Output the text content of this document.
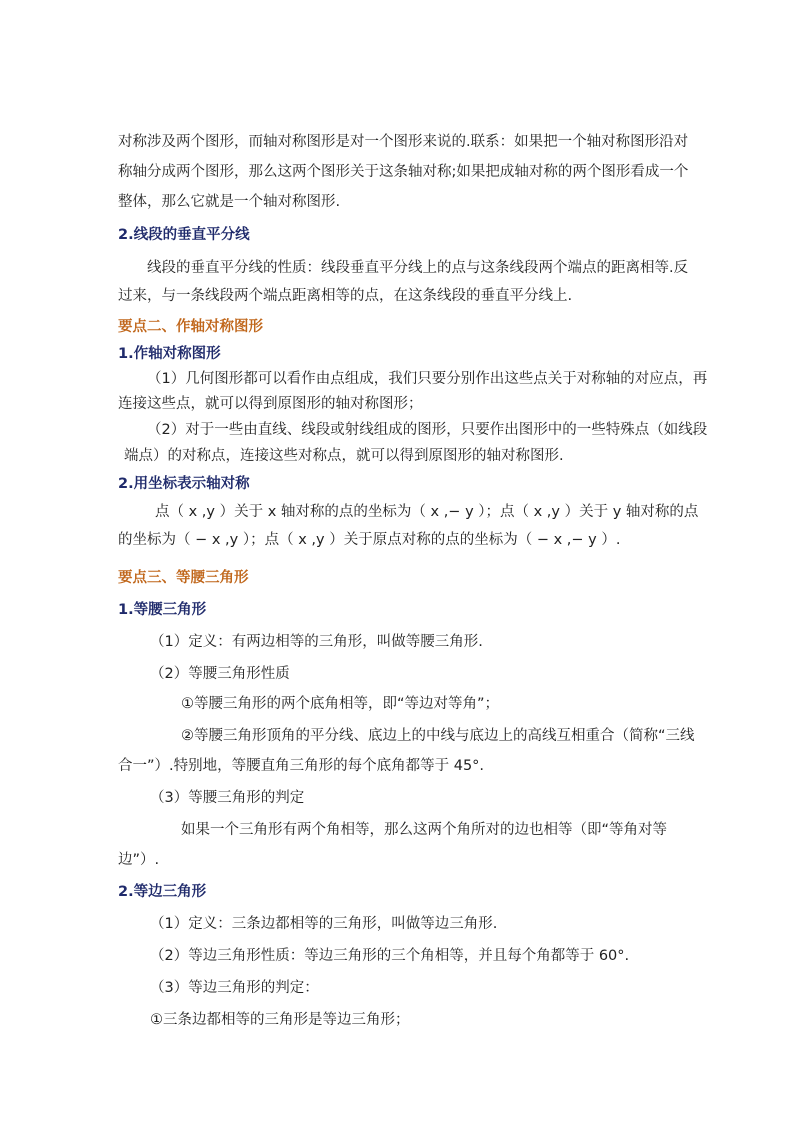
对称涉及两个图形，而轴对称图形是对一个图形来说的.联系：如果把一个轴对称图形沿对
称轴分成两个图形，那么这两个图形关于这条轴对称;如果把成轴对称的两个图形看成一个
整体，那么它就是一个轴对称图形.
2.线段的垂直平分线
线段的垂直平分线的性质：线段垂直平分线上的点与这条线段两个端点的距离相等.反
过来，与一条线段两个端点距离相等的点，在这条线段的垂直平分线上.
要点二、作轴对称图形
1.作轴对称图形
（1）几何图形都可以看作由点组成，我们只要分别作出这些点关于对称轴的对应点，再
连接这些点，就可以得到原图形的轴对称图形；
（2）对于一些由直线、线段或射线组成的图形，只要作出图形中的一些特殊点（如线段
端点）的对称点，连接这些对称点，就可以得到原图形的轴对称图形.
2.用坐标表示轴对称
点（ x ,y ）关于 x 轴对称的点的坐标为（ x ,− y ）；点（ x ,y ）关于 y 轴对称的点
的坐标为（ − x ,y ）；点（ x ,y ）关于原点对称的点的坐标为（ − x ,− y ）.
要点三、等腰三角形
1.等腰三角形
（1）定义：有两边相等的三角形，叫做等腰三角形.
（2）等腰三角形性质
①等腰三角形的两个底角相等，即“等边对等角”；
②等腰三角形顶角的平分线、底边上的中线与底边上的高线互相重合（简称“三线
合一”）.特别地，等腰直角三角形的每个底角都等于 45°.
（3）等腰三角形的判定
如果一个三角形有两个角相等，那么这两个角所对的边也相等（即“等角对等
边”）.
2.等边三角形
（1）定义：三条边都相等的三角形，叫做等边三角形.
（2）等边三角形性质：等边三角形的三个角相等，并且每个角都等于 60°.
（3）等边三角形的判定：
①三条边都相等的三角形是等边三角形；
